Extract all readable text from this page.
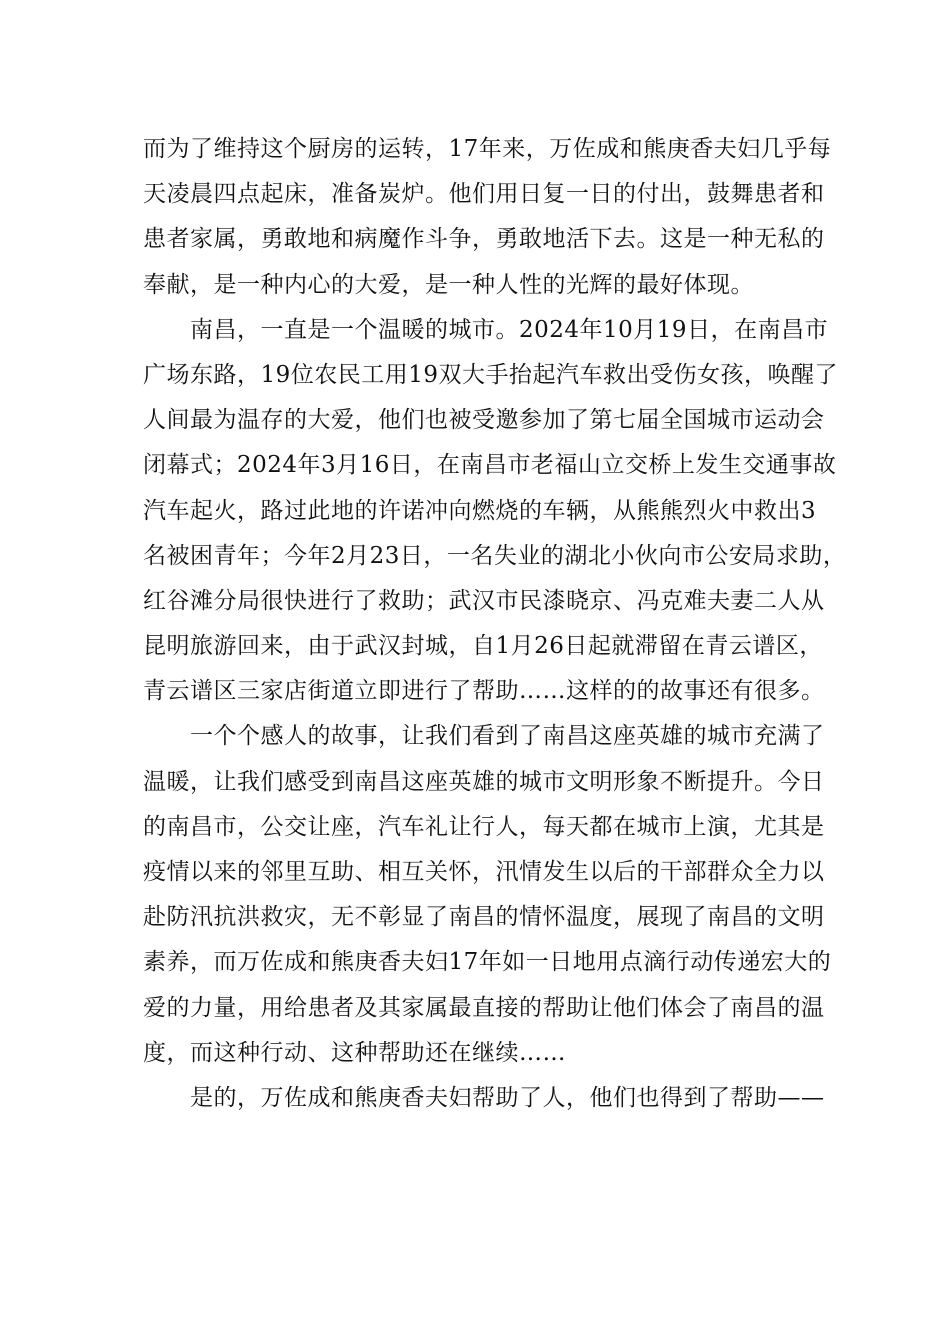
而为了维持这个厨房的运转，17年来，万佐成和熊庚香夫妇几乎每
天凌晨四点起床，准备炭炉。他们用日复一日的付出，鼓舞患者和
患者家属，勇敢地和病魔作斗争，勇敢地活下去。这是一种无私的
奉献，是一种内心的大爱，是一种人性的光辉的最好体现。
南昌，一直是一个温暖的城市。2024年10月19日，在南昌市
广场东路，19位农民工用19双大手抬起汽车救出受伤女孩，唤醒了
人间最为温存的大爱，他们也被受邀参加了第七届全国城市运动会
闭幕式；2024年3月16日，在南昌市老福山立交桥上发生交通事故
汽车起火，路过此地的许诺冲向燃烧的车辆，从熊熊烈火中救出3
名被困青年；今年2月23日，一名失业的湖北小伙向市公安局求助，
红谷滩分局很快进行了救助；武汉市民漆晓京、冯克难夫妻二人从
昆明旅游回来，由于武汉封城，自1月26日起就滞留在青云谱区，
青云谱区三家店街道立即进行了帮助……这样的的故事还有很多。
一个个感人的故事，让我们看到了南昌这座英雄的城市充满了
温暖，让我们感受到南昌这座英雄的城市文明形象不断提升。今日
的南昌市，公交让座，汽车礼让行人，每天都在城市上演，尤其是
疫情以来的邻里互助、相互关怀，汛情发生以后的干部群众全力以
赴防汛抗洪救灾，无不彰显了南昌的情怀温度，展现了南昌的文明
素养，而万佐成和熊庚香夫妇17年如一日地用点滴行动传递宏大的
爱的力量，用给患者及其家属最直接的帮助让他们体会了南昌的温
度，而这种行动、这种帮助还在继续……
是的，万佐成和熊庚香夫妇帮助了人，他们也得到了帮助——
